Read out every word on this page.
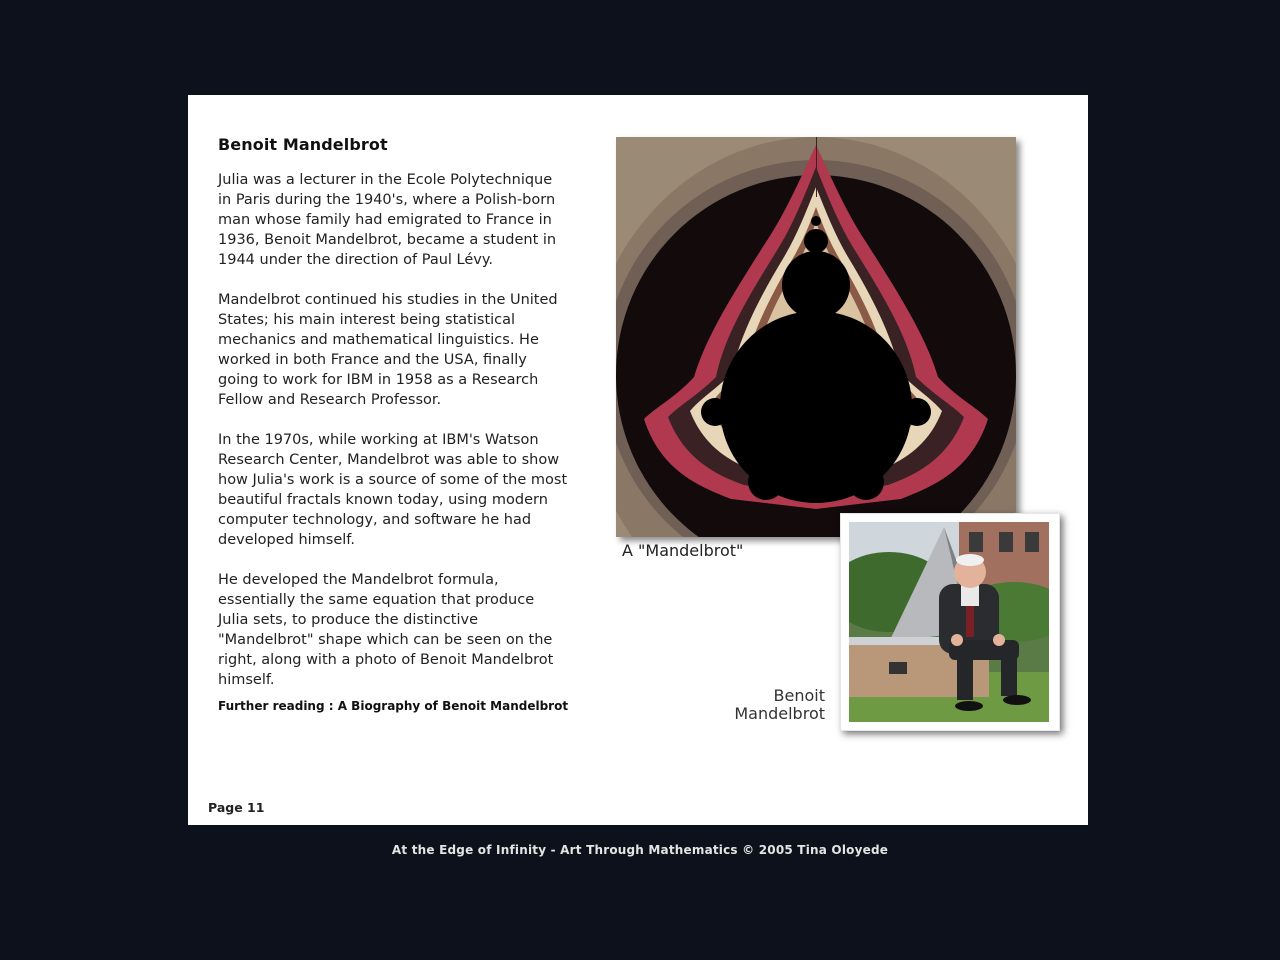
Benoit Mandelbrot

Julia was a lecturer in the Ecole Polytechnique in Paris during the 1940's, where a Polish-born man whose family had emigrated to France in 1936, Benoit Mandelbrot, became a student in 1944 under the direction of Paul Lévy.

Mandelbrot continued his studies in the United States; his main interest being statistical mechanics and mathematical linguistics. He worked in both France and the USA, finally going to work for IBM in 1958 as a Research Fellow and Research Professor.

In the 1970s, while working at IBM's Watson Research Center, Mandelbrot was able to show how Julia's work is a source of some of the most beautiful fractals known today, using modern computer technology, and software he had developed himself.

He developed the Mandelbrot formula, essentially the same equation that produce Julia sets, to produce the distinctive "Mandelbrot" shape which can be seen on the right, along with a photo of Benoit Mandelbrot himself.

Further reading : A Biography of Benoit Mandelbrot
Page 11
A "Mandelbrot"
Benoit
Mandelbrot
At the Edge of Infinity - Art Through Mathematics © 2005 Tina Oloyede
